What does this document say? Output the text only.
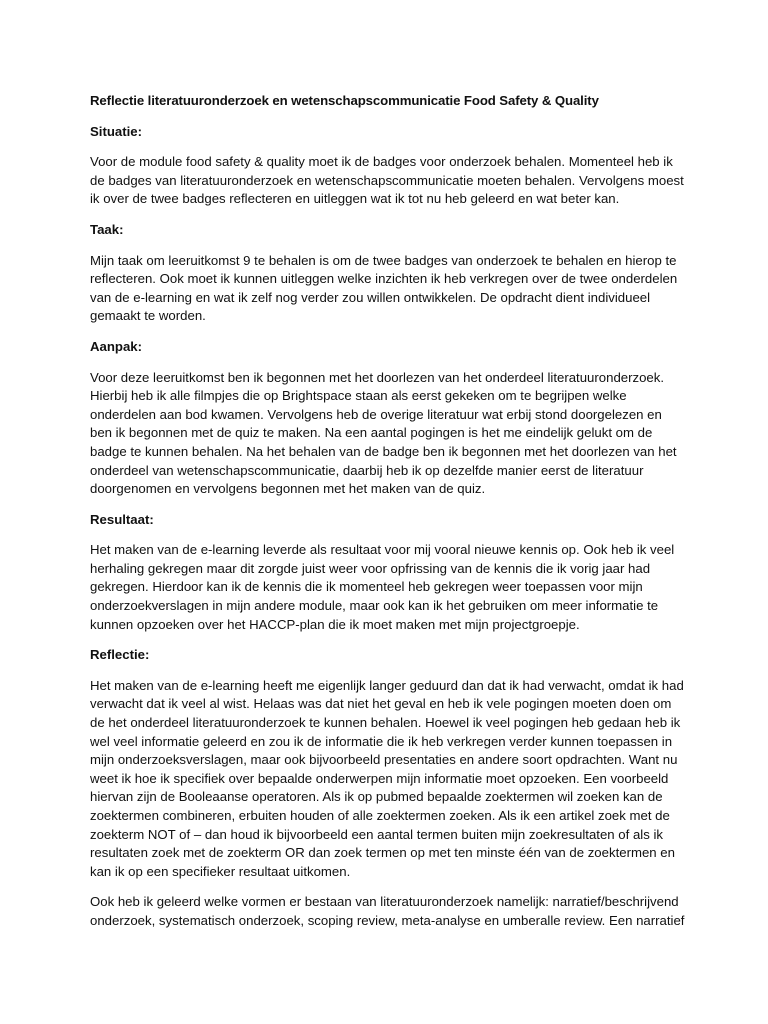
Reflectie literatuuronderzoek en wetenschapscommunicatie Food Safety & Quality

Situatie:

Voor de module food safety & quality moet ik de badges voor onderzoek behalen. Momenteel heb ik de badges van literatuuronderzoek en wetenschapscommunicatie moeten behalen. Vervolgens moest ik over de twee badges reflecteren en uitleggen wat ik tot nu heb geleerd en wat beter kan.

Taak:

Mijn taak om leeruitkomst 9 te behalen is om de twee badges van onderzoek te behalen en hierop te reflecteren. Ook moet ik kunnen uitleggen welke inzichten ik heb verkregen over de twee onderdelen van de e-learning en wat ik zelf nog verder zou willen ontwikkelen. De opdracht dient individueel gemaakt te worden.

Aanpak:

Voor deze leeruitkomst ben ik begonnen met het doorlezen van het onderdeel literatuuronderzoek. Hierbij heb ik alle filmpjes die op Brightspace staan als eerst gekeken om te begrijpen welke onderdelen aan bod kwamen. Vervolgens heb de overige literatuur wat erbij stond doorgelezen en ben ik begonnen met de quiz te maken. Na een aantal pogingen is het me eindelijk gelukt om de badge te kunnen behalen. Na het behalen van de badge ben ik begonnen met het doorlezen van het onderdeel van wetenschapscommunicatie, daarbij heb ik op dezelfde manier eerst de literatuur doorgenomen en vervolgens begonnen met het maken van de quiz.

Resultaat:

Het maken van de e-learning leverde als resultaat voor mij vooral nieuwe kennis op. Ook heb ik veel herhaling gekregen maar dit zorgde juist weer voor opfrissing van de kennis die ik vorig jaar had gekregen. Hierdoor kan ik de kennis die ik momenteel heb gekregen weer toepassen voor mijn onderzoekverslagen in mijn andere module, maar ook kan ik het gebruiken om meer informatie te kunnen opzoeken over het HACCP-plan die ik moet maken met mijn projectgroepje.

Reflectie:

Het maken van de e-learning heeft me eigenlijk langer geduurd dan dat ik had verwacht, omdat ik had verwacht dat ik veel al wist. Helaas was dat niet het geval en heb ik vele pogingen moeten doen om de het onderdeel literatuuronderzoek te kunnen behalen. Hoewel ik veel pogingen heb gedaan heb ik wel veel informatie geleerd en zou ik de informatie die ik heb verkregen verder kunnen toepassen in mijn onderzoeksverslagen, maar ook bijvoorbeeld presentaties en andere soort opdrachten. Want nu weet ik hoe ik specifiek over bepaalde onderwerpen mijn informatie moet opzoeken. Een voorbeeld hiervan zijn de Booleaanse operatoren. Als ik op pubmed bepaalde zoektermen wil zoeken kan de zoektermen combineren, erbuiten houden of alle zoektermen zoeken. Als ik een artikel zoek met de zoekterm NOT of – dan houd ik bijvoorbeeld een aantal termen buiten mijn zoekresultaten of als ik resultaten zoek met de zoekterm OR dan zoek termen op met ten minste één van de zoektermen en kan ik op een specifieker resultaat uitkomen.

Ook heb ik geleerd welke vormen er bestaan van literatuuronderzoek namelijk: narratief/beschrijvend onderzoek, systematisch onderzoek, scoping review, meta-analyse en umberalle review. Een narratief
